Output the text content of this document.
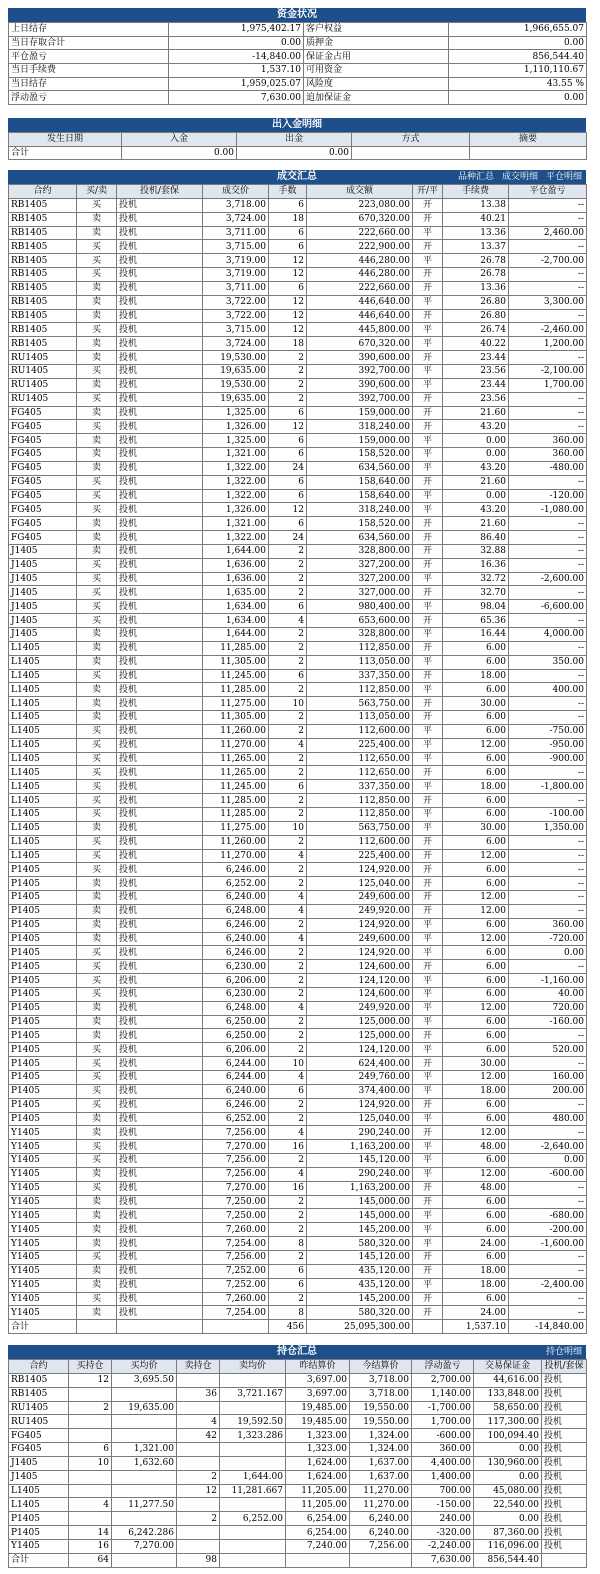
资金状况
上日结存	1,975,402.17	客户权益	1,966,655.07
当日存取合计	0.00	质押金	0.00
平仓盈亏	-14,840.00	保证金占用	856,544.40
当日手续费	1,537.10	可用资金	1,110,110.67
当日结存	1,959,025.07	风险度	43.55 %
浮动盈亏	7,630.00	追加保证金	0.00
出入金明细
发生日期	入金	出金	方式	摘要
合计	0.00	0.00		
成交汇总	品种汇总 成交明细 平仓明细
合约	买/卖	投机/套保	成交价	手数	成交额	开/平	手续费	平仓盈亏
RB1405	买	投机	3,718.00	6	223,080.00	开	13.38	--
RB1405	卖	投机	3,724.00	18	670,320.00	开	40.21	--
RB1405	卖	投机	3,711.00	6	222,660.00	平	13.36	2,460.00
RB1405	买	投机	3,715.00	6	222,900.00	开	13.37	--
RB1405	买	投机	3,719.00	12	446,280.00	平	26.78	-2,700.00
RB1405	买	投机	3,719.00	12	446,280.00	开	26.78	--
RB1405	卖	投机	3,711.00	6	222,660.00	开	13.36	--
RB1405	卖	投机	3,722.00	12	446,640.00	平	26.80	3,300.00
RB1405	卖	投机	3,722.00	12	446,640.00	开	26.80	--
RB1405	买	投机	3,715.00	12	445,800.00	平	26.74	-2,460.00
RB1405	卖	投机	3,724.00	18	670,320.00	平	40.22	1,200.00
RU1405	卖	投机	19,530.00	2	390,600.00	开	23.44	--
RU1405	买	投机	19,635.00	2	392,700.00	平	23.56	-2,100.00
RU1405	卖	投机	19,530.00	2	390,600.00	平	23.44	1,700.00
RU1405	买	投机	19,635.00	2	392,700.00	开	23.56	--
FG405	卖	投机	1,325.00	6	159,000.00	开	21.60	--
FG405	买	投机	1,326.00	12	318,240.00	开	43.20	--
FG405	卖	投机	1,325.00	6	159,000.00	平	0.00	360.00
FG405	卖	投机	1,321.00	6	158,520.00	平	0.00	360.00
FG405	卖	投机	1,322.00	24	634,560.00	平	43.20	-480.00
FG405	买	投机	1,322.00	6	158,640.00	开	21.60	--
FG405	买	投机	1,322.00	6	158,640.00	平	0.00	-120.00
FG405	买	投机	1,326.00	12	318,240.00	平	43.20	-1,080.00
FG405	卖	投机	1,321.00	6	158,520.00	开	21.60	--
FG405	卖	投机	1,322.00	24	634,560.00	开	86.40	--
J1405	卖	投机	1,644.00	2	328,800.00	开	32.88	--
J1405	买	投机	1,636.00	2	327,200.00	开	16.36	--
J1405	买	投机	1,636.00	2	327,200.00	平	32.72	-2,600.00
J1405	买	投机	1,635.00	2	327,000.00	开	32.70	--
J1405	买	投机	1,634.00	6	980,400.00	平	98.04	-6,600.00
J1405	买	投机	1,634.00	4	653,600.00	开	65.36	--
J1405	卖	投机	1,644.00	2	328,800.00	平	16.44	4,000.00
L1405	卖	投机	11,285.00	2	112,850.00	开	6.00	--
L1405	卖	投机	11,305.00	2	113,050.00	平	6.00	350.00
L1405	买	投机	11,245.00	6	337,350.00	开	18.00	--
L1405	卖	投机	11,285.00	2	112,850.00	平	6.00	400.00
L1405	卖	投机	11,275.00	10	563,750.00	开	30.00	--
L1405	卖	投机	11,305.00	2	113,050.00	开	6.00	--
L1405	买	投机	11,260.00	2	112,600.00	平	6.00	-750.00
L1405	买	投机	11,270.00	4	225,400.00	平	12.00	-950.00
L1405	买	投机	11,265.00	2	112,650.00	平	6.00	-900.00
L1405	买	投机	11,265.00	2	112,650.00	开	6.00	--
L1405	买	投机	11,245.00	6	337,350.00	平	18.00	-1,800.00
L1405	买	投机	11,285.00	2	112,850.00	开	6.00	--
L1405	买	投机	11,285.00	2	112,850.00	平	6.00	-100.00
L1405	卖	投机	11,275.00	10	563,750.00	平	30.00	1,350.00
L1405	买	投机	11,260.00	2	112,600.00	开	6.00	--
L1405	买	投机	11,270.00	4	225,400.00	开	12.00	--
P1405	买	投机	6,246.00	2	124,920.00	开	6.00	--
P1405	卖	投机	6,252.00	2	125,040.00	开	6.00	--
P1405	卖	投机	6,240.00	4	249,600.00	开	12.00	--
P1405	卖	投机	6,248.00	4	249,920.00	开	12.00	--
P1405	卖	投机	6,246.00	2	124,920.00	平	6.00	360.00
P1405	卖	投机	6,240.00	4	249,600.00	平	12.00	-720.00
P1405	买	投机	6,246.00	2	124,920.00	平	6.00	0.00
P1405	买	投机	6,230.00	2	124,600.00	开	6.00	--
P1405	买	投机	6,206.00	2	124,120.00	平	6.00	-1,160.00
P1405	买	投机	6,230.00	2	124,600.00	平	6.00	40.00
P1405	卖	投机	6,248.00	4	249,920.00	平	12.00	720.00
P1405	卖	投机	6,250.00	2	125,000.00	平	6.00	-160.00
P1405	卖	投机	6,250.00	2	125,000.00	开	6.00	--
P1405	买	投机	6,206.00	2	124,120.00	平	6.00	520.00
P1405	买	投机	6,244.00	10	624,400.00	开	30.00	--
P1405	买	投机	6,244.00	4	249,760.00	平	12.00	160.00
P1405	买	投机	6,240.00	6	374,400.00	平	18.00	200.00
P1405	买	投机	6,246.00	2	124,920.00	开	6.00	--
P1405	卖	投机	6,252.00	2	125,040.00	平	6.00	480.00
Y1405	卖	投机	7,256.00	4	290,240.00	开	12.00	--
Y1405	买	投机	7,270.00	16	1,163,200.00	平	48.00	-2,640.00
Y1405	买	投机	7,256.00	2	145,120.00	平	6.00	0.00
Y1405	卖	投机	7,256.00	4	290,240.00	平	12.00	-600.00
Y1405	买	投机	7,270.00	16	1,163,200.00	开	48.00	--
Y1405	卖	投机	7,250.00	2	145,000.00	开	6.00	--
Y1405	卖	投机	7,250.00	2	145,000.00	平	6.00	-680.00
Y1405	卖	投机	7,260.00	2	145,200.00	平	6.00	-200.00
Y1405	卖	投机	7,254.00	8	580,320.00	平	24.00	-1,600.00
Y1405	买	投机	7,256.00	2	145,120.00	开	6.00	--
Y1405	卖	投机	7,252.00	6	435,120.00	开	18.00	--
Y1405	卖	投机	7,252.00	6	435,120.00	平	18.00	-2,400.00
Y1405	买	投机	7,260.00	2	145,200.00	开	6.00	--
Y1405	卖	投机	7,254.00	8	580,320.00	开	24.00	--
合计				456	25,095,300.00		1,537.10	-14,840.00
持仓汇总	持仓明细
合约	买持仓	买均价	卖持仓	卖均价	昨结算价	今结算价	浮动盈亏	交易保证金	投机/套保
RB1405	12	3,695.50			3,697.00	3,718.00	2,700.00	44,616.00	投机
RB1405			36	3,721.167	3,697.00	3,718.00	1,140.00	133,848.00	投机
RU1405	2	19,635.00			19,485.00	19,550.00	-1,700.00	58,650.00	投机
RU1405			4	19,592.50	19,485.00	19,550.00	1,700.00	117,300.00	投机
FG405			42	1,323.286	1,323.00	1,324.00	-600.00	100,094.40	投机
FG405	6	1,321.00			1,323.00	1,324.00	360.00	0.00	投机
J1405	10	1,632.60			1,624.00	1,637.00	4,400.00	130,960.00	投机
J1405			2	1,644.00	1,624.00	1,637.00	1,400.00	0.00	投机
L1405			12	11,281.667	11,205.00	11,270.00	700.00	45,080.00	投机
L1405	4	11,277.50			11,205.00	11,270.00	-150.00	22,540.00	投机
P1405			2	6,252.00	6,254.00	6,240.00	240.00	0.00	投机
P1405	14	6,242.286			6,254.00	6,240.00	-320.00	87,360.00	投机
Y1405	16	7,270.00			7,240.00	7,256.00	-2,240.00	116,096.00	投机
合计	64		98				7,630.00	856,544.40	
